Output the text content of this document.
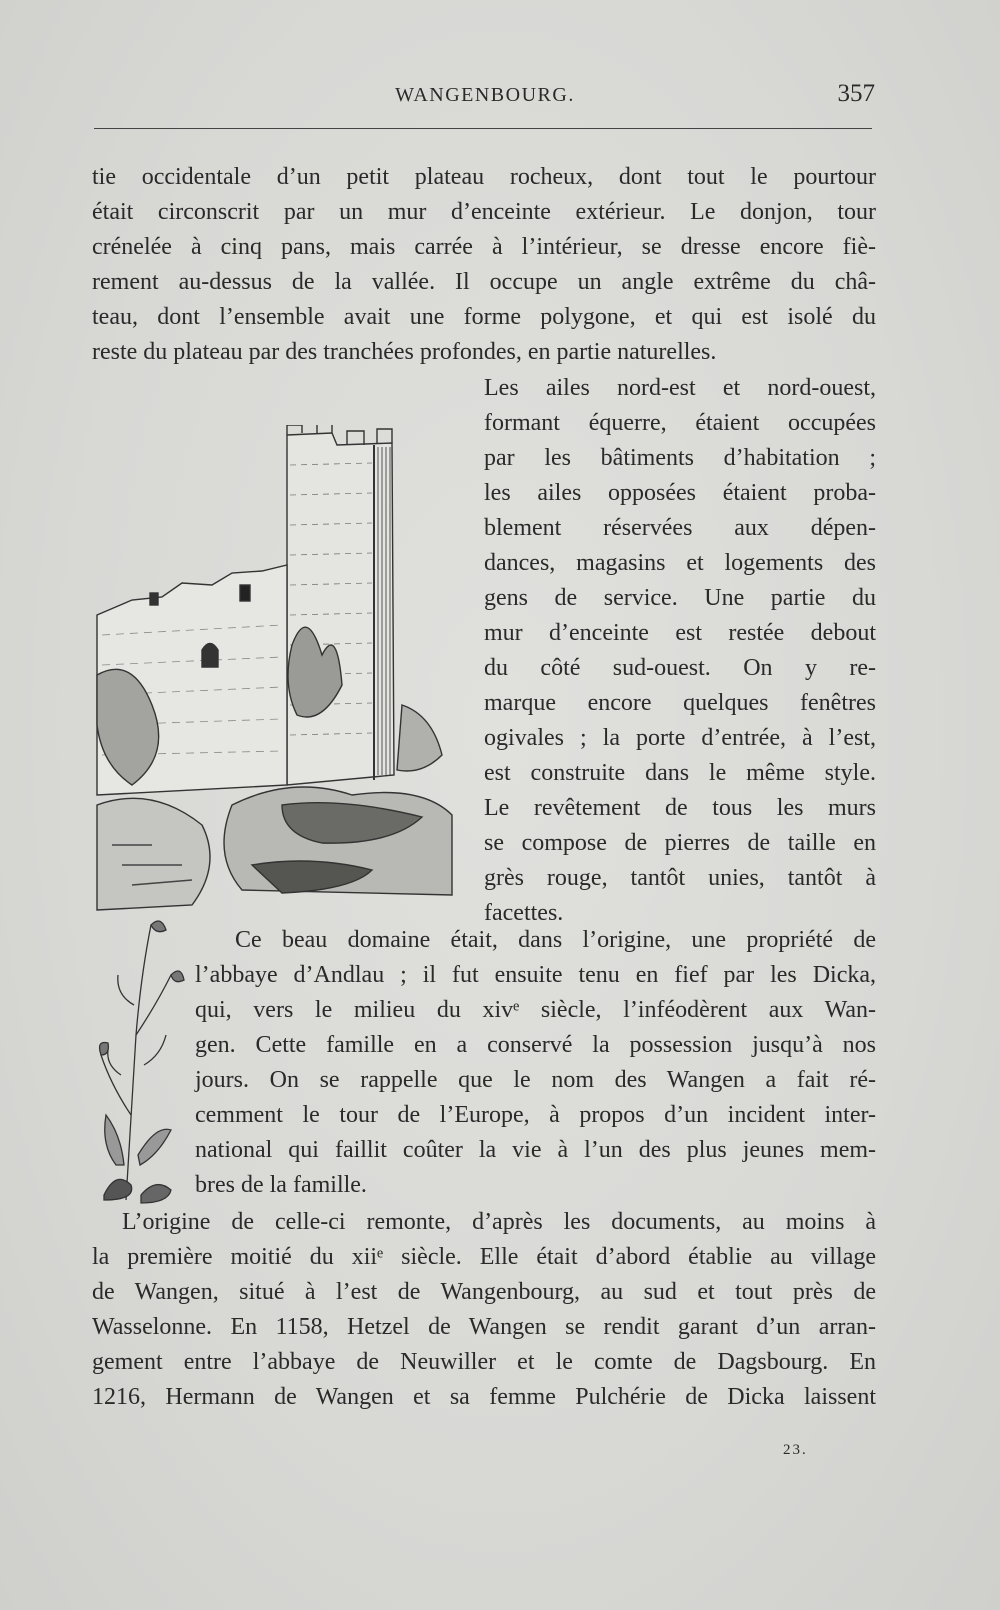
WANGENBOURG.	357
tie occidentale d’un petit plateau rocheux, dont tout le pourtour
était circonscrit par un mur d’enceinte extérieur. Le donjon, tour
crénelée à cinq pans, mais carrée à l’intérieur, se dresse encore fiè-
rement au-dessus de la vallée. Il occupe un angle extrême du châ-
teau, dont l’ensemble avait une forme polygone, et qui est isolé du
reste du plateau par des tranchées profondes, en partie naturelles.
Les ailes nord-est et nord-ouest,
formant équerre, étaient occupées
par les bâtiments d’habitation ;
les ailes opposées étaient proba-
blement réservées aux dépen-
dances, magasins et logements des
gens de service. Une partie du
mur d’enceinte est restée debout
du côté sud-ouest. On y re-
marque encore quelques fenêtres
ogivales ; la porte d’entrée, à l’est,
est construite dans le même style.
Le revêtement de tous les murs
se compose de pierres de taille en
grès rouge, tantôt unies, tantôt à
facettes.
Ce beau domaine était, dans l’origine, une propriété de
l’abbaye d’Andlau ; il fut ensuite tenu en fief par les Dicka,
qui, vers le milieu du xivᵉ siècle, l’inféodèrent aux Wan-
gen. Cette famille en a conservé la possession jusqu’à nos
jours. On se rappelle que le nom des Wangen a fait ré-
cemment le tour de l’Europe, à propos d’un incident inter-
national qui faillit coûter la vie à l’un des plus jeunes mem-
bres de la famille.
L’origine de celle-ci remonte, d’après les documents, au moins à
la première moitié du xiiᵉ siècle. Elle était d’abord établie au village
de Wangen, situé à l’est de Wangenbourg, au sud et tout près de
Wasselonne. En 1158, Hetzel de Wangen se rendit garant d’un arran-
gement entre l’abbaye de Neuwiller et le comte de Dagsbourg. En
1216, Hermann de Wangen et sa femme Pulchérie de Dicka laissent
23.
